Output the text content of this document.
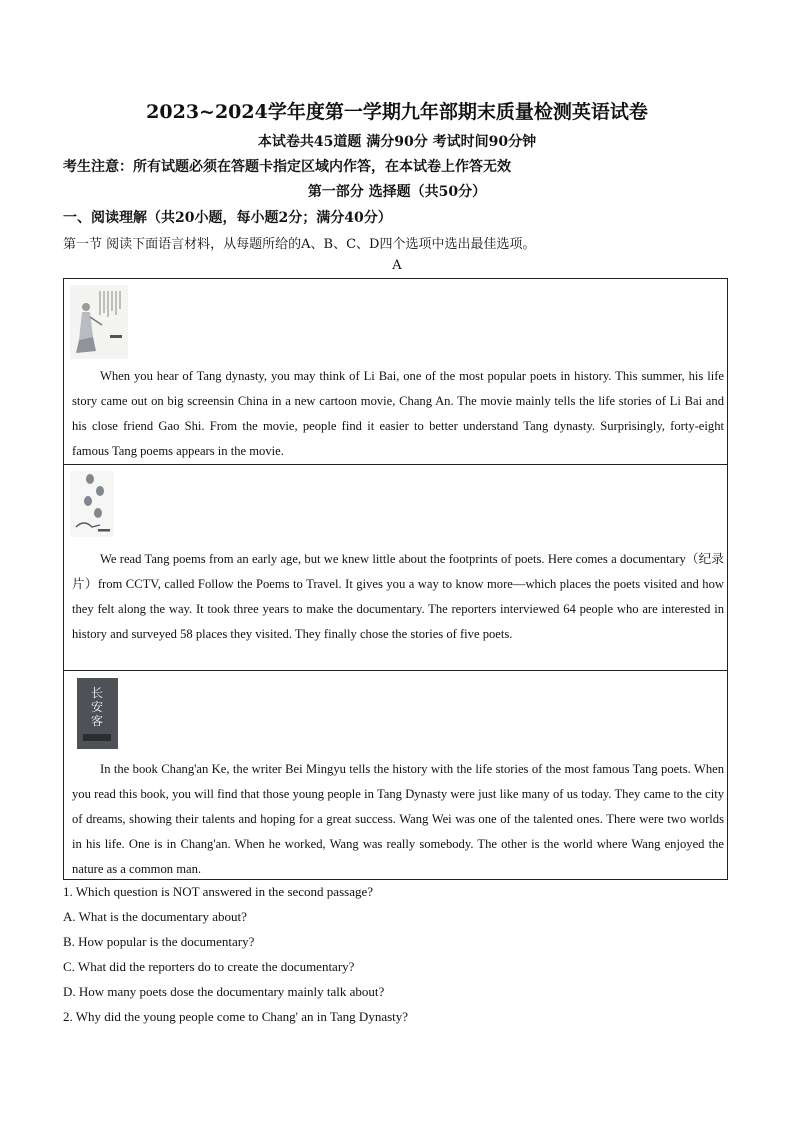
2023~2024学年度第一学期九年部期末质量检测英语试卷
本试卷共45道题 满分90分 考试时间90分钟
考生注意：所有试题必须在答题卡指定区域内作答，在本试卷上作答无效
第一部分 选择题（共50分）
一、阅读理解（共20小题，每小题2分；满分40分）
第一节 阅读下面语言材料，从每题所给的A、B、C、D四个选项中选出最佳选项。
A

When you hear of Tang dynasty, you may think of Li Bai, one of the most popular poets in history. This summer, his life story came out on big screensin China in a new cartoon movie, Chang An. The movie mainly tells the life stories of Li Bai and his close friend Gao Shi. From the movie, people find it easier to better understand Tang dynasty. Surprisingly, forty-eight famous Tang poems appears in the movie.

We read Tang poems from an early age, but we knew little about the footprints of poets. Here comes a documentary（纪录片）from CCTV, called Follow the Poems to Travel. It gives you a way to know more—which places the poets visited and how they felt along the way. It took three years to make the documentary. The reporters interviewed 64 people who are interested in history and surveyed 58 places they visited. They finally chose the stories of five poets.

长安客

In the book Chang'an Ke, the writer Bei Mingyu tells the history with the life stories of the most famous Tang poets. When you read this book, you will find that those young people in Tang Dynasty were just like many of us today. They came to the city of dreams, showing their talents and hoping for a great success. Wang Wei was one of the talented ones. There were two worlds in his life. One is in Chang'an. When he worked, Wang was really somebody. The other is the world where Wang enjoyed the nature as a common man.

1. Which question is NOT answered in the second passage?
A. What is the documentary about?
B. How popular is the documentary?
C. What did the reporters do to create the documentary?
D. How many poets dose the documentary mainly talk about?
2. Why did the young people come to Chang' an in Tang Dynasty?
